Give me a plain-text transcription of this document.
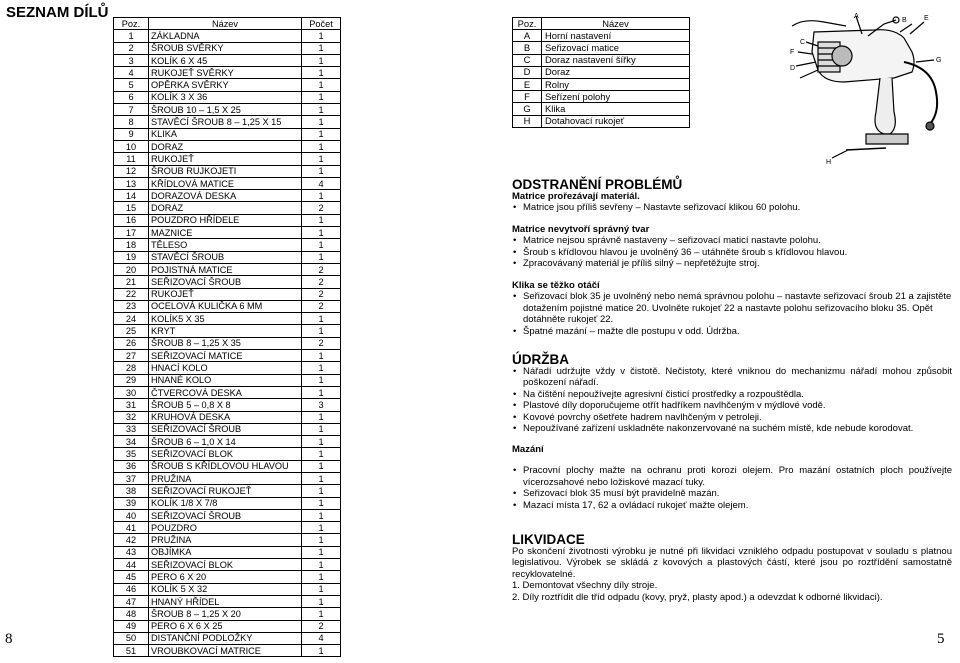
SEZNAM DÍLŮ
Poz.	Název	Počet
1	ZÁKLADNA	1
2	ŠROUB SVĚRKY	1
3	KOLÍK 6 X 45	1
4	RUKOJEŤ SVĚRKY	1
5	OPĚRKA SVĚRKY	1
6	KOLÍK 3 X 36	1
7	ŠROUB 10 – 1,5 X 25	1
8	STAVĚCÍ ŠROUB 8 – 1,25 X 15	1
9	KLIKA	1
10	DORAZ	1
11	RUKOJEŤ	1
12	ŠROUB RUJKOJETI	1
13	KŘÍDLOVÁ MATICE	4
14	DORAZOVÁ DESKA	1
15	DORAZ	2
16	POUZDRO HŘÍDELE	1
17	MAZNICE	1
18	TĚLESO	1
19	STAVĚCÍ ŠROUB	1
20	POJISTNÁ MATICE	2
21	SEŘIZOVACÍ ŠROUB	2
22	RUKOJEŤ	2
23	OCELOVÁ KULIČKA 6 MM	2
24	KOLÍK5 X 35	1
25	KRYT	1
26	ŠROUB 8 – 1,25 X 35	2
27	SEŘIZOVACÍ MATICE	1
28	HNACÍ KOLO	1
29	HNANÉ KOLO	1
30	ČTVERCOVÁ DESKA	1
31	ŠROUB 5 – 0,8 X 8	3
32	KRUHOVÁ DESKA	1
33	SEŘIZOVACÍ ŠROUB	1
34	ŠROUB 6 – 1,0 X 14	1
35	SEŘIZOVACÍ BLOK	1
36	ŠROUB S KŘÍDLOVOU HLAVOU	1
37	PRUŽINA	1
38	SEŘIZOVACÍ RUKOJEŤ	1
39	KOLÍK 1/8 X 7/8	1
40	SEŘIZOVACÍ ŠROUB	1
41	POUZDRO	1
42	PRUŽINA	1
43	OBJÍMKA	1
44	SEŘIZOVACÍ BLOK	1
45	PERO 6 X 20	1
46	KOLÍK 5 X 32	1
47	HNANÝ HŘÍDEL	1
48	ŠROUB 8 – 1,25 X 20	1
49	PERO 6 X 6 X 25	2
50	DISTANČNÍ PODLOŽKY	4
51	VROUBKOVACÍ MATRICE	1
8	5
Poz.	Název
A	Horní nastavení
B	Seřizovací matice
C	Doraz nastavení šířky
D	Doraz
E	Rolny
F	Seřízení polohy
G	Klika
H	Dotahovací rukojeť
B E
A
C
F
G
D
H
ODSTRANĚNÍ PROBLÉMŮ
Matrice prořezávají materiál.
• Matrice jsou příliš sevřeny – Nastavte seřizovací klikou 60 polohu.
Matrice nevytvoří správný tvar
• Matrice nejsou správně nastaveny – seřizovací maticí nastavte polohu.
• Šroub s křídlovou hlavou je uvolněný 36 – utáhněte šroub s křídlovou hlavou.
• Zpracovávaný materiál je příliš silný – nepřetěžujte stroj.
Klika se těžko otáčí
• Seřizovací blok 35 je uvolněný nebo nemá správnou polohu – nastavte seřizovací šroub 21 a zajistěte dotažením pojistné matice 20. Uvolněte rukojeť 22 a nastavte polohu seřizovacího bloku 35. Opět dotáhněte rukojeť 22.
• Špatné mazání – mažte dle postupu v odd. Údržba.
ÚDRŽBA
• Nářadí udržujte vždy v čistotě. Nečistoty, které vniknou do mechanizmu nářadí mohou způsobit poškození nářadí.
• Na čištění nepoužívejte agresivní čisticí prostředky a rozpouštědla.
• Plastové díly doporučujeme otřít hadříkem navlhčeným v mýdlové vodě.
• Kovové povrchy ošetřete hadrem navlhčeným v petroleji.
• Nepoužívané zařízení uskladněte nakonzervované na suchém místě, kde nebude korodovat.
Mazání
• Pracovní plochy mažte na ochranu proti korozi olejem. Pro mazání ostatních ploch používejte vícerozsahové nebo ložiskové mazací tuky.
• Seřizovací blok 35 musí být pravidelně mazán.
• Mazací místa 17, 62 a ovládací rukojeť mažte olejem.
LIKVIDACE
Po skončení životnosti výrobku je nutné při likvidaci vzniklého odpadu postupovat v souladu s platnou legislativou. Výrobek se skládá z kovových a plastových částí, které jsou po roztřídění samostatně recyklovatelné.
1. Demontovat všechny díly stroje.
2. Díly roztřídit dle tříd odpadu (kovy, pryž, plasty apod.) a odevzdat k odborné likvidaci).
